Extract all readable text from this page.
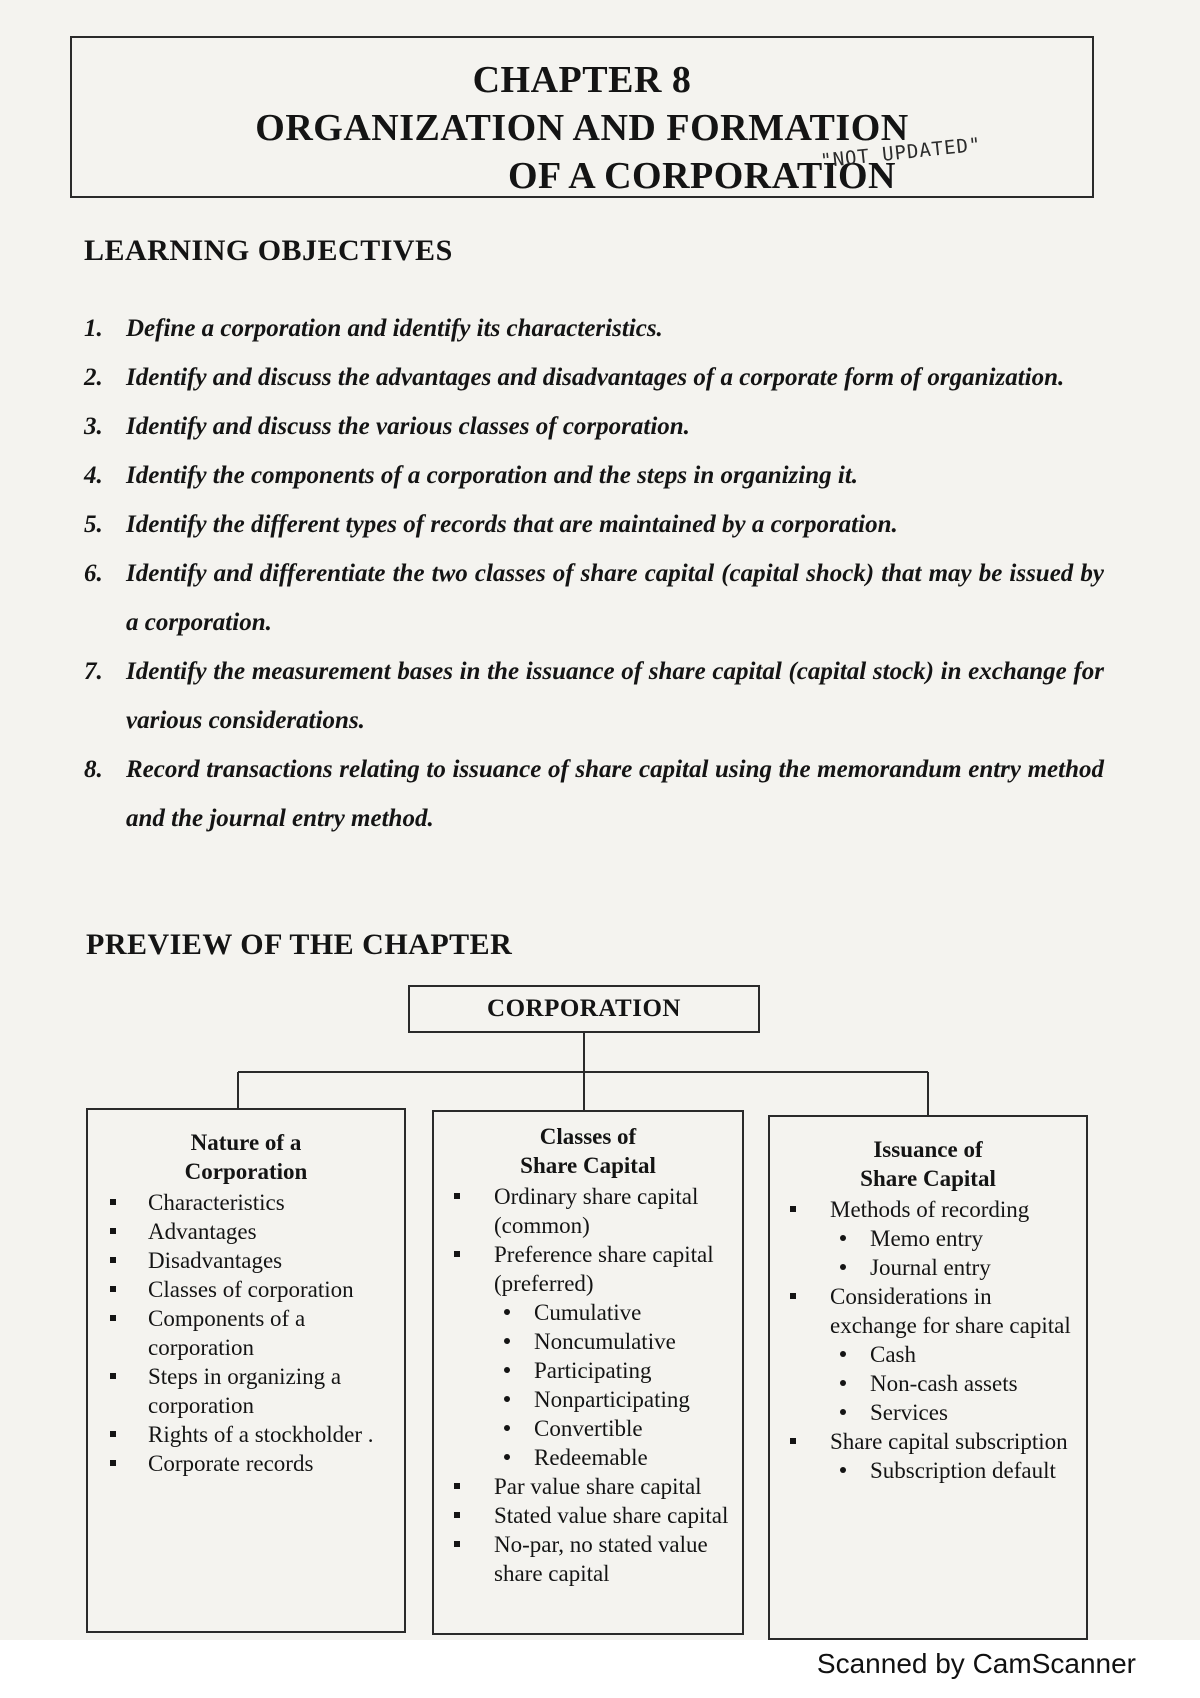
CHAPTER 8
ORGANIZATION AND FORMATION
OF A CORPORATION
"NOT UPDATED"
LEARNING OBJECTIVES
1. Define a corporation and identify its characteristics.
2. Identify and discuss the advantages and disadvantages of a corporate form of organization.
3. Identify and discuss the various classes of corporation.
4. Identify the components of a corporation and the steps in organizing it.
5. Identify the different types of records that are maintained by a corporation.
6. Identify and differentiate the two classes of share capital (capital shock) that may be issued by a corporation.
7. Identify the measurement bases in the issuance of share capital (capital stock) in exchange for various considerations.
8. Record transactions relating to issuance of share capital using the memorandum entry method and the journal entry method.
PREVIEW OF THE CHAPTER
CORPORATION
Nature of a
Corporation
Characteristics
Advantages
Disadvantages
Classes of corporation
Components of a corporation
Steps in organizing a corporation
Rights of a stockholder .
Corporate records
Classes of
Share Capital
Ordinary share capital (common)
Preference share capital (preferred)
Cumulative
Noncumulative
Participating
Nonparticipating
Convertible
Redeemable
Par value share capital
Stated value share capital
No-par, no stated value share capital
Issuance of
Share Capital
Methods of recording
Memo entry
Journal entry
Considerations in exchange for share capital
Cash
Non-cash assets
Services
Share capital subscription
Subscription default
Scanned by CamScanner
